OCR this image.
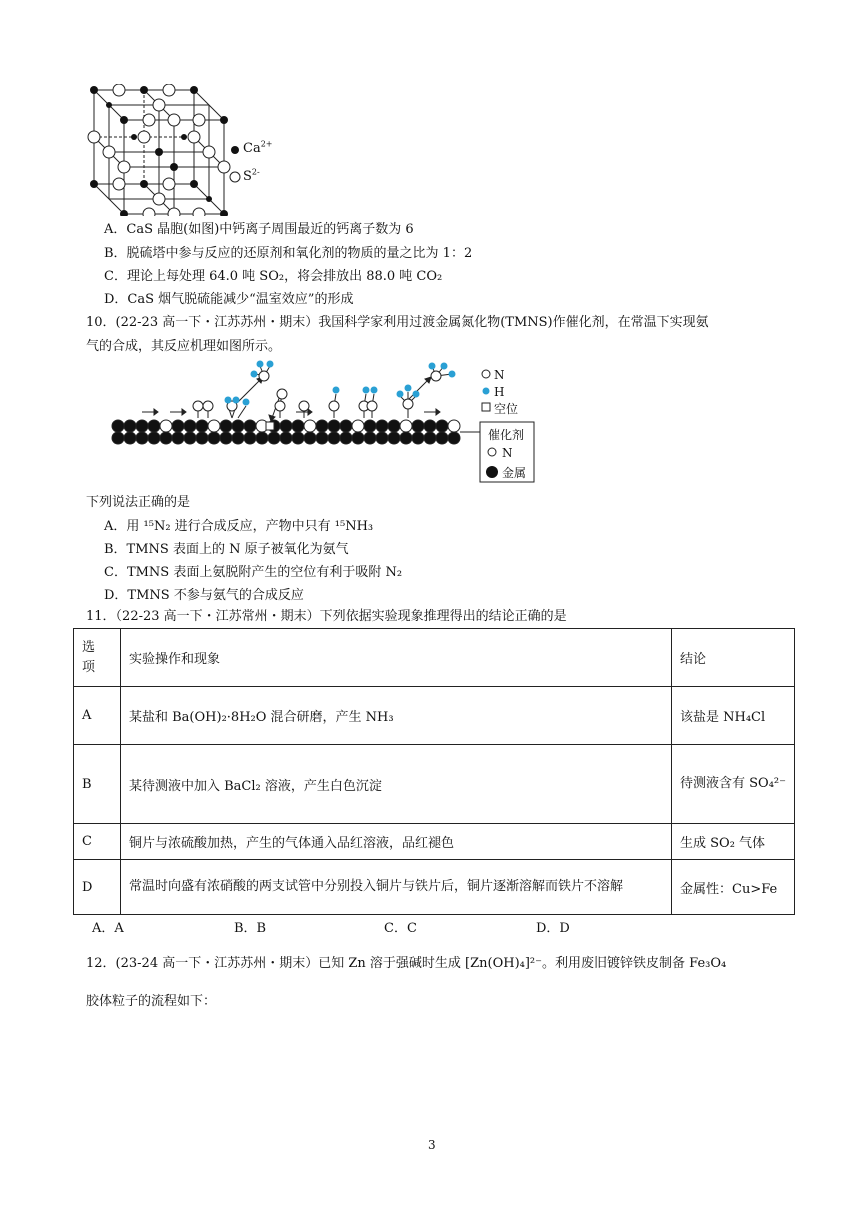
$Ca^{2+}$
$S^{2-}$
A．CaS 晶胞(如图)中钙离子周围最近的钙离子数为 6
B．脱硫塔中参与反应的还原剂和氧化剂的物质的量之比为 1：2
C．理论上每处理 64.0 吨 SO₂，将会排放出 88.0 吨 CO₂
D．CaS 烟气脱硫能减少“温室效应”的形成
10．(22-23 高一下・江苏苏州・期末）我国科学家利用过渡金属氮化物(TMNS)作催化剂，在常温下实现氨
气的合成，其反应机理如图所示。
N
H
空位
催化剂
N
金属
下列说法正确的是
A．用 ¹⁵N₂ 进行合成反应，产物中只有 ¹⁵NH₃
B．TMNS 表面上的 N 原子被氧化为氨气
C．TMNS 表面上氨脱附产生的空位有利于吸附 N₂
D．TMNS 不参与氨气的合成反应
11．（22-23 高一下・江苏常州・期末）下列依据实验现象推理得出的结论正确的是
选项	实验操作和现象	结论
A	某盐和 Ba(OH)₂·8H₂O 混合研磨，产生 NH₃	该盐是 NH₄Cl
B	某待测液中加入 BaCl₂ 溶液，产生白色沉淀	待测液含有 SO₄²⁻
C	铜片与浓硫酸加热，产生的气体通入品红溶液，品红褪色	生成 SO₂ 气体
D	常温时向盛有浓硝酸的两支试管中分别投入铜片与铁片后，铜片逐渐溶解而铁片不溶解	金属性：Cu>Fe
A．A	B．B	C．C	D．D
12．(23-24 高一下・江苏苏州・期末）已知 Zn 溶于强碱时生成 [Zn(OH)₄]²⁻。利用废旧镀锌铁皮制备 Fe₃O₄
胶体粒子的流程如下：
3
